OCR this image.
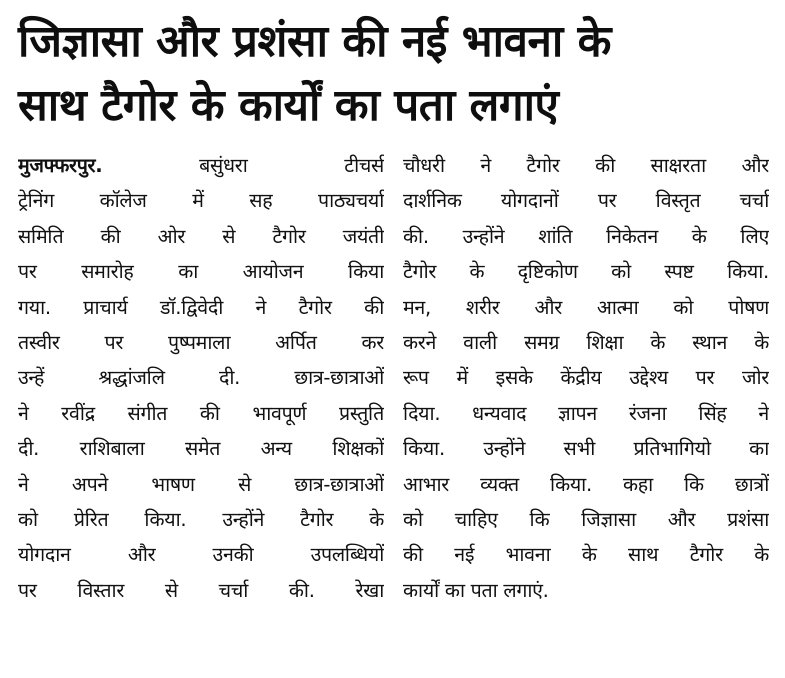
जिज्ञासा और प्रशंसा की नई भावना के
साथ टैगोर के कार्यों का पता लगाएं
मुजफ्फरपुर.	बसुंधरा टीचर्स
ट्रेनिंग कॉलेज में सह पाठ्यचर्या
समिति की ओर से टैगोर जयंती
पर समारोह का आयोजन किया
गया. प्राचार्य डॉ.द्विवेदी ने टैगोर की
तस्वीर पर पुष्पमाला अर्पित कर
उन्हें श्रद्धांजलि दी. छात्र-छात्राओं
ने रवींद्र संगीत की भावपूर्ण प्रस्तुति
दी. राशिबाला समेत अन्य शिक्षकों
ने अपने भाषण से छात्र-छात्राओं
को प्रेरित किया. उन्होंने टैगोर के
योगदान और उनकी उपलब्धियों
पर विस्तार से चर्चा की. रेखा
चौधरी ने टैगोर की साक्षरता और
दार्शनिक योगदानों पर विस्तृत चर्चा
की. उन्होंने शांति निकेतन के लिए
टैगोर के दृष्टिकोण को स्पष्ट किया.
मन, शरीर और आत्मा को पोषण
करने वाली समग्र शिक्षा के स्थान के
रूप में इसके केंद्रीय उद्देश्य पर जोर
दिया. धन्यवाद ज्ञापन रंजना सिंह ने
किया. उन्होंने सभी प्रतिभागियो का
आभार व्यक्त किया. कहा कि छात्रों
को चाहिए कि जिज्ञासा और प्रशंसा
की नई भावना के साथ टैगोर के
कार्यों का पता लगाएं.
